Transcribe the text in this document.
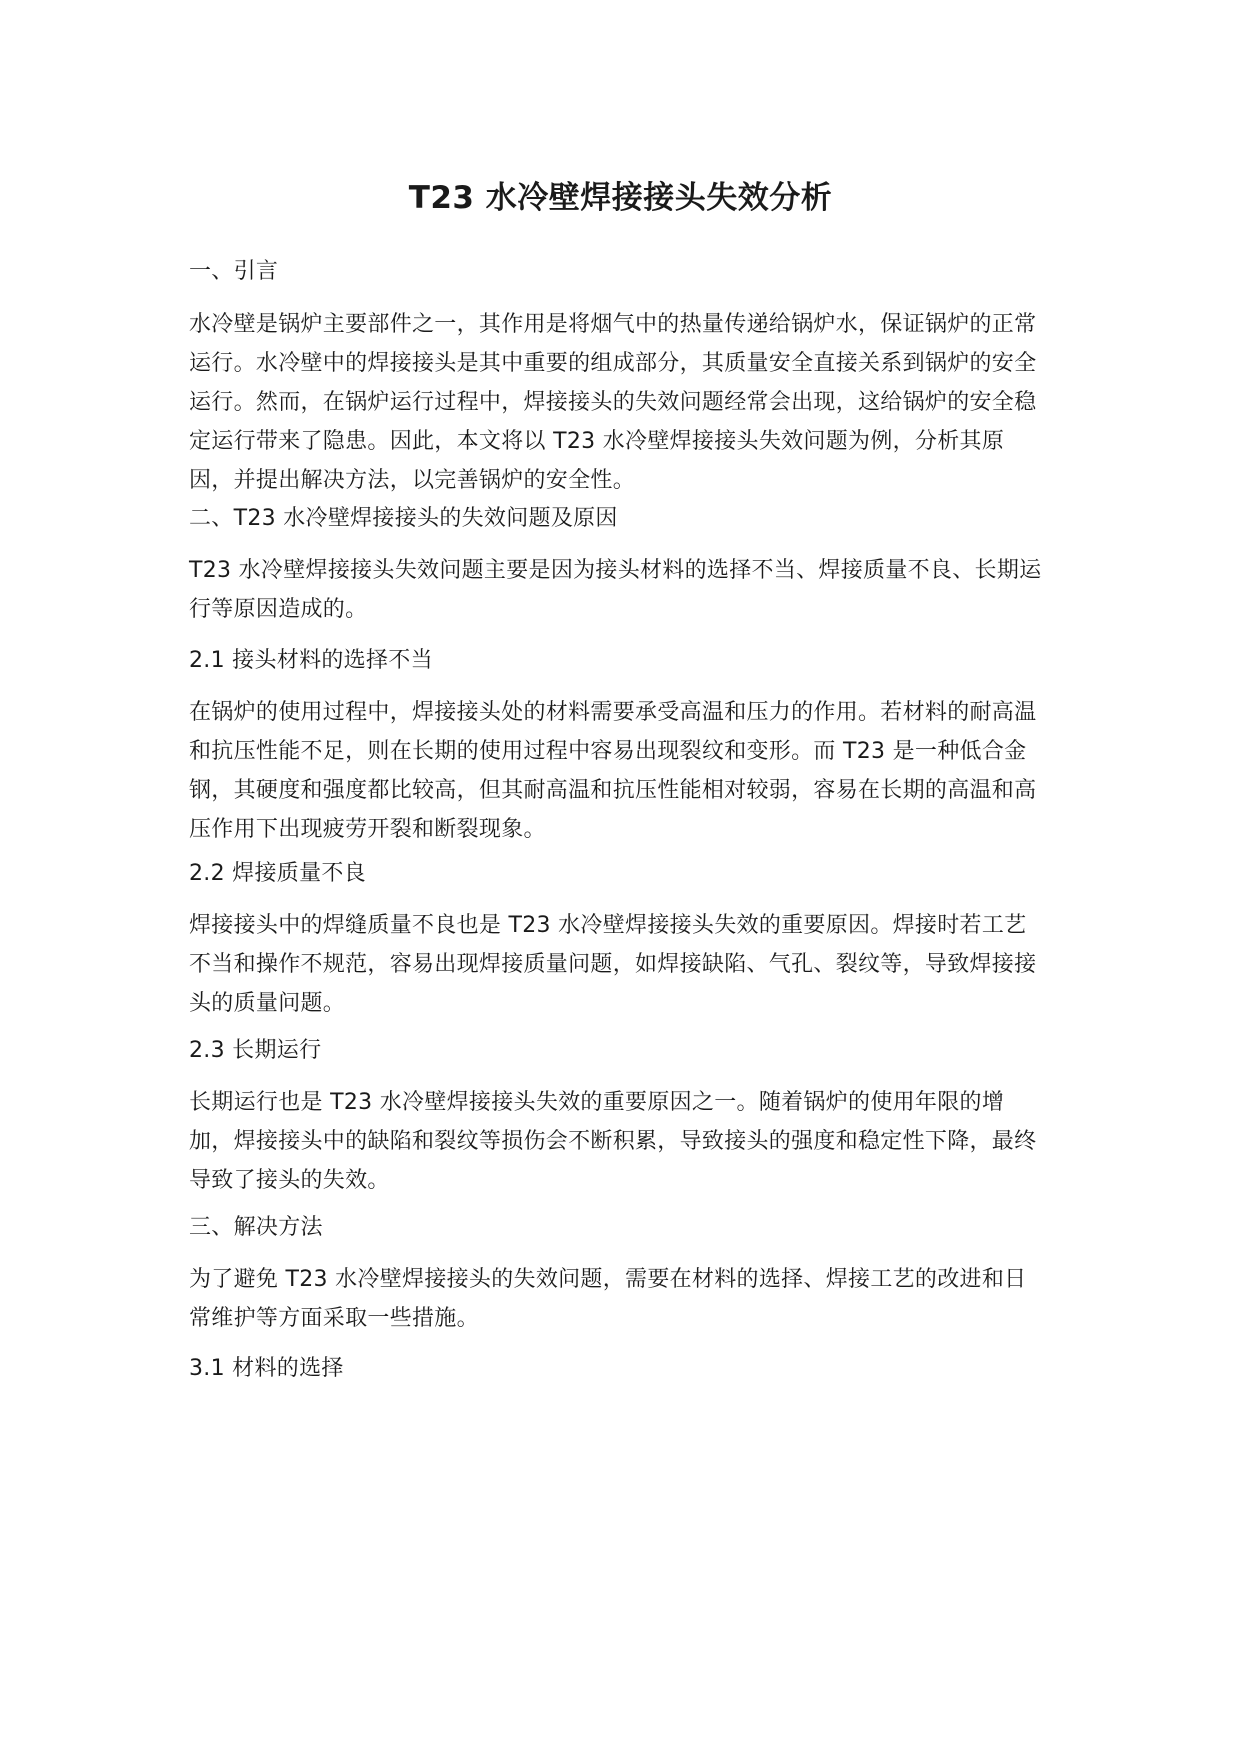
T23 水冷壁焊接接头失效分析

一、引言

水冷壁是锅炉主要部件之一，其作用是将烟气中的热量传递给锅炉水，保证锅炉的正常运行。水冷壁中的焊接接头是其中重要的组成部分，其质量安全直接关系到锅炉的安全运行。然而，在锅炉运行过程中，焊接接头的失效问题经常会出现，这给锅炉的安全稳定运行带来了隐患。因此，本文将以 T23 水冷壁焊接接头失效问题为例，分析其原因，并提出解决方法，以完善锅炉的安全性。

二、T23 水冷壁焊接接头的失效问题及原因

T23 水冷壁焊接接头失效问题主要是因为接头材料的选择不当、焊接质量不良、长期运行等原因造成的。

2.1 接头材料的选择不当

在锅炉的使用过程中，焊接接头处的材料需要承受高温和压力的作用。若材料的耐高温和抗压性能不足，则在长期的使用过程中容易出现裂纹和变形。而 T23 是一种低合金钢，其硬度和强度都比较高，但其耐高温和抗压性能相对较弱，容易在长期的高温和高压作用下出现疲劳开裂和断裂现象。

2.2 焊接质量不良

焊接接头中的焊缝质量不良也是 T23 水冷壁焊接接头失效的重要原因。焊接时若工艺不当和操作不规范，容易出现焊接质量问题，如焊接缺陷、气孔、裂纹等，导致焊接接头的质量问题。

2.3 长期运行

长期运行也是 T23 水冷壁焊接接头失效的重要原因之一。随着锅炉的使用年限的增加，焊接接头中的缺陷和裂纹等损伤会不断积累，导致接头的强度和稳定性下降，最终导致了接头的失效。

三、解决方法

为了避免 T23 水冷壁焊接接头的失效问题，需要在材料的选择、焊接工艺的改进和日常维护等方面采取一些措施。

3.1 材料的选择
